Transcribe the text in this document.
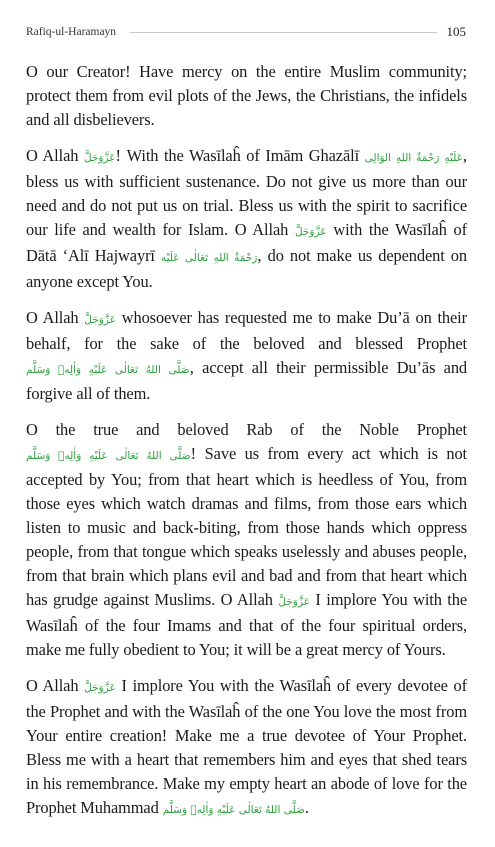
Rafiq-ul-Haramayn	105

O our Creator! Have mercy on the entire Muslim community; protect them from evil plots of the Jews, the Christians, the infidels and all disbelievers.

O Allah عَزَّوَجَلَّ! With the Wasīlaĥ of Imām Ghazālī عَلَيْهِ رَحْمَةُ اللهِ الوَالِى, bless us with sufficient sustenance. Do not give us more than our need and do not put us on trial. Bless us with the spirit to sacrifice our life and wealth for Islam. O Allah عَزَّوَجَلَّ with the Wasīlaĥ of Dātā ‘Alī Hajwayrī رَحْمَةُ اللهِ تَعَالٰى عَلَيْه, do not make us dependent on anyone except You.

O Allah عَزَّوَجَلَّ whosoever has requested me to make Du’ā on their behalf, for the sake of the beloved and blessed Prophet صَلَّى اللهُ تَعَالٰى عَلَيْهِ وَاٰلِهٖ وَسَلَّم, accept all their permissible Du’ās and forgive all of them.

O the true and beloved Rab of the Noble Prophet صَلَّى اللهُ تَعَالٰى عَلَيْهِ وَاٰلِهٖ وَسَلَّم! Save us from every act which is not accepted by You; from that heart which is heedless of You, from those eyes which watch dramas and films, from those ears which listen to music and back-biting, from those hands which oppress people, from that tongue which speaks uselessly and abuses people, from that brain which plans evil and bad and from that heart which has grudge against Muslims. O Allah عَزَّوَجَلَّ I implore You with the Wasīlaĥ of the four Imams and that of the four spiritual orders, make me fully obedient to You; it will be a great mercy of Yours.

O Allah عَزَّوَجَلَّ I implore You with the Wasīlaĥ of every devotee of the Prophet and with the Wasīlaĥ of the one You love the most from Your entire creation! Make me a true devotee of Your Prophet. Bless me with a heart that remembers him and eyes that shed tears in his remembrance. Make my empty heart an abode of love for the Prophet Muhammad صَلَّى اللهُ تَعَالٰى عَلَيْهِ وَاٰلِهٖ وَسَلَّم.
